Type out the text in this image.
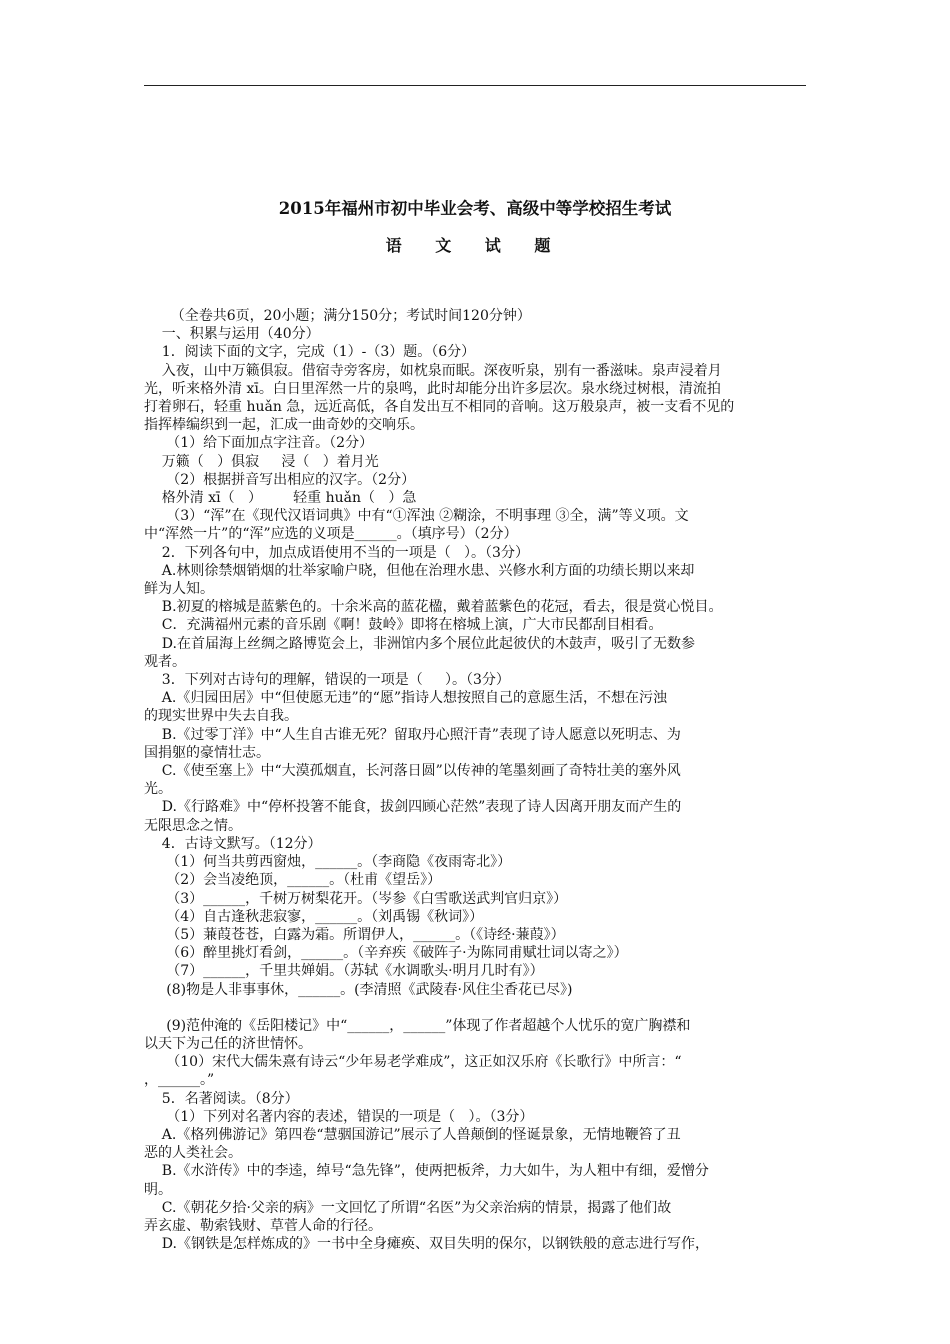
2015年福州市初中毕业会考、高级中等学校招生考试
语 文 试 题
（全卷共6页，20小题；满分150分；考试时间120分钟）
一、积累与运用（40分）
1．阅读下面的文字，完成（1）-（3）题。（6分）
入夜，山中万籁俱寂。借宿寺旁客房，如枕泉而眠。深夜听泉，别有一番滋味。泉声浸着月
光，听来格外清 xī。白日里浑然一片的泉鸣，此时却能分出许多层次。泉水绕过树根，清流拍
打着卵石，轻重 huǎn 急，远近高低，各自发出互不相同的音响。这万般泉声，被一支看不见的
指挥棒编织到一起，汇成一曲奇妙的交响乐。
（1）给下面加点字注音。（2分）
万籁（   ）俱寂     浸（   ）着月光
（2）根据拼音写出相应的汉字。（2分）
格外清 xī（   ）       轻重 huǎn（   ）急
（3）“浑”在《现代汉语词典》中有“①浑浊 ②糊涂，不明事理 ③全，满”等义项。文
中“浑然一片”的“浑”应选的义项是______。（填序号）（2分）
2．下列各句中，加点成语使用不当的一项是（   ）。（3分）
A.林则徐禁烟销烟的壮举家喻户晓，但他在治理水患、兴修水利方面的功绩长期以来却
鲜为人知。
B.初夏的榕城是蓝紫色的。十余米高的蓝花楹，戴着蓝紫色的花冠，看去，很是赏心悦目。
C．充满福州元素的音乐剧《啊！鼓岭》即将在榕城上演，广大市民都刮目相看。
D.在首届海上丝绸之路博览会上，非洲馆内多个展位此起彼伏的木鼓声，吸引了无数参
观者。
3．下列对古诗句的理解，错误的一项是（     ）。（3分）
A.《归园田居》中“但使愿无违”的“愿”指诗人想按照自己的意愿生活，不想在污浊
的现实世界中失去自我。
B.《过零丁洋》中“人生自古谁无死？留取丹心照汗青”表现了诗人愿意以死明志、为
国捐躯的豪情壮志。
C.《使至塞上》中“大漠孤烟直，长河落日圆”以传神的笔墨刻画了奇特壮美的塞外风
光。
D.《行路难》中“停杯投箸不能食，拔剑四顾心茫然”表现了诗人因离开朋友而产生的
无限思念之情。
4．古诗文默写。（12分）
（1）何当共剪西窗烛，______。（李商隐《夜雨寄北》）
（2）会当凌绝顶，______。（杜甫《望岳》）
（3）______，千树万树梨花开。（岑参《白雪歌送武判官归京》）
（4）自古逢秋悲寂寥，______。（刘禹锡《秋词》）
（5）蒹葭苍苍，白露为霜。所谓伊人，______。（《诗经·蒹葭》）
（6）醉里挑灯看剑，______。（辛弃疾《破阵子·为陈同甫赋壮词以寄之》）
（7）______，千里共婵娟。（苏轼《水调歌头·明月几时有》）
(8)物是人非事事休，______。(李清照《武陵春·风住尘香花已尽》)
(9)范仲淹的《岳阳楼记》中“______，______”体现了作者超越个人忧乐的宽广胸襟和
以天下为己任的济世情怀。
（10）宋代大儒朱熹有诗云“少年易老学难成”，这正如汉乐府《长歌行》中所言：“
，______。”
5．名著阅读。（8分）
（1）下列对名著内容的表述，错误的一项是（   ）。（3分）
A.《格列佛游记》第四卷“慧骃国游记”展示了人兽颠倒的怪诞景象，无情地鞭笞了丑
恶的人类社会。
B.《水浒传》中的李逵，绰号“急先锋”，使两把板斧，力大如牛，为人粗中有细，爱憎分
明。
C.《朝花夕拾·父亲的病》一文回忆了所谓“名医”为父亲治病的情景，揭露了他们故
弄玄虚、勒索钱财、草菅人命的行径。
D.《钢铁是怎样炼成的》一书中全身瘫痪、双目失明的保尔，以钢铁般的意志进行写作，
